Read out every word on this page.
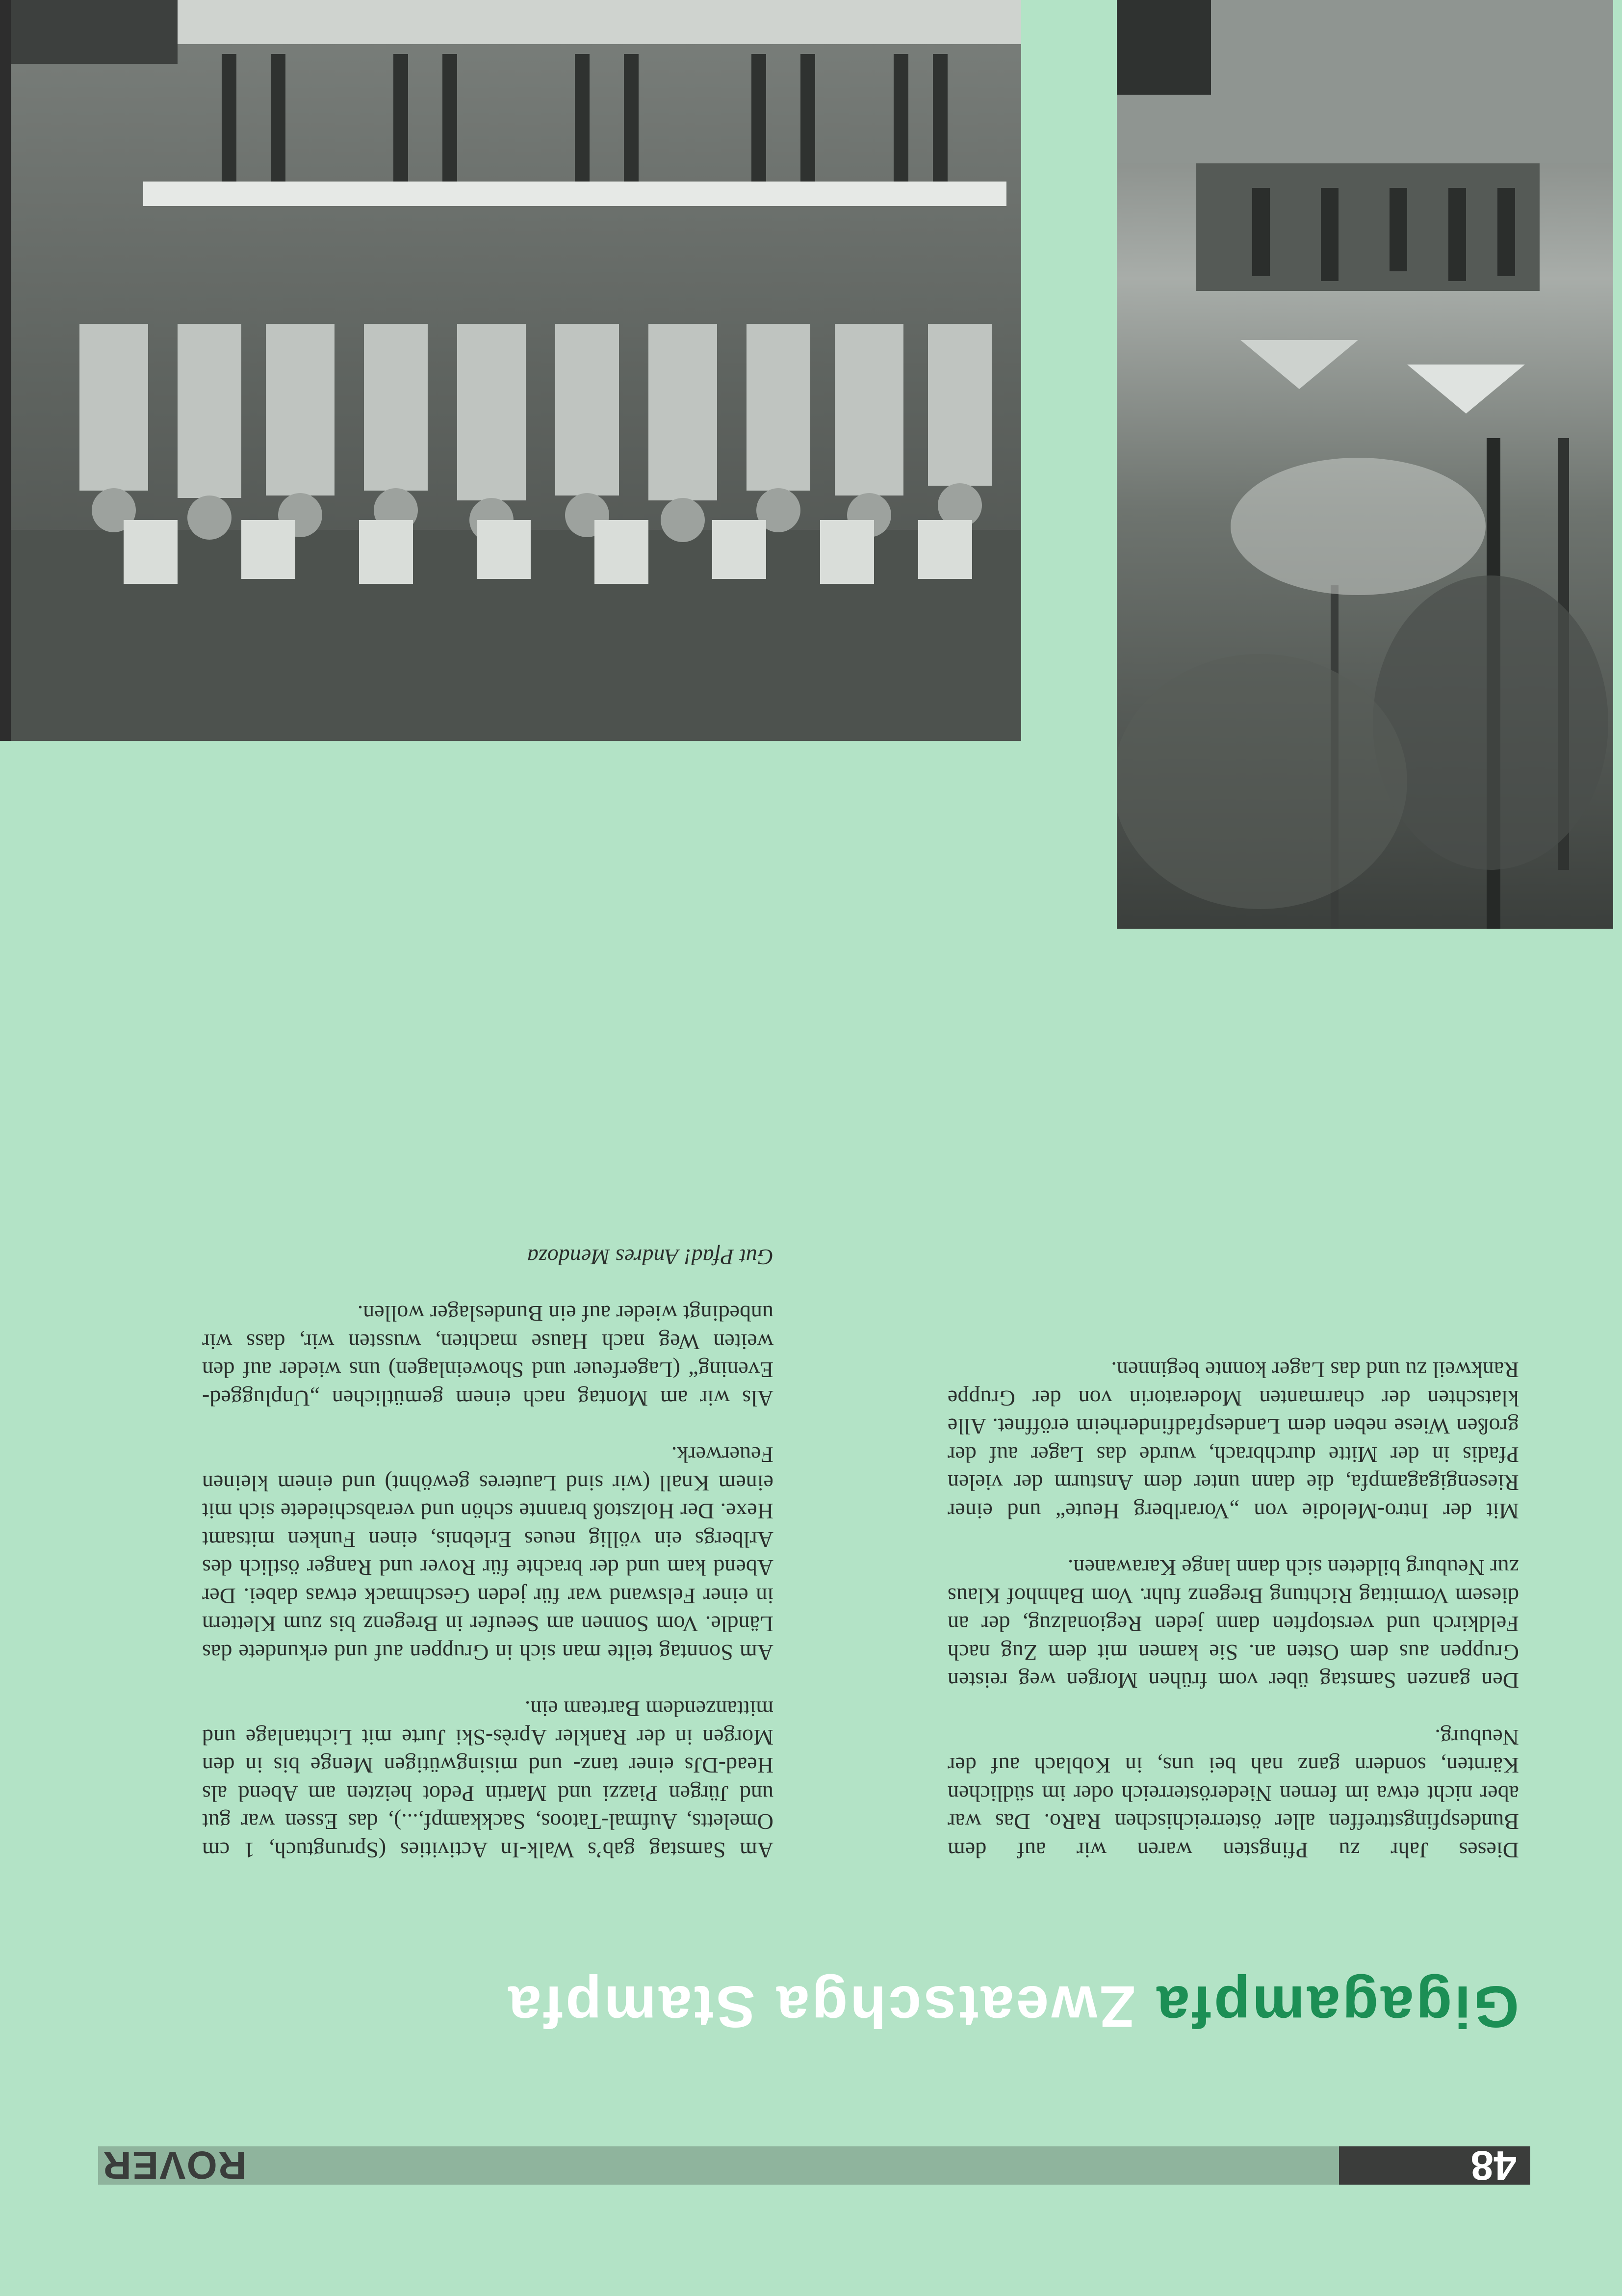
48
ROVER
Gigagampfa Zweatschga Stampfa

Dieses Jahr zu Pfingsten waren wir auf dem Bundespfingsttreffen aller österreichischen RaRo. Das war aber nicht etwa im fernen Niederösterreich oder im südlichen Kärnten, sondern ganz nah bei uns, in Koblach auf der Neuburg.

Den ganzen Samstag über vom frühen Morgen weg reisten Gruppen aus dem Osten an. Sie kamen mit dem Zug nach Feldkirch und verstopften dann jeden Regionalzug, der an diesem Vormittag Richtung Bregenz fuhr. Vom Bahnhof Klaus zur Neuburg bildeten sich dann lange Karawanen.

Mit der Intro-Melodie von „Vorarlberg Heute“ und einer Riesengigagampfa, die dann unter dem Ansturm der vielen Pfadis in der Mitte durchbrach, wurde das Lager auf der großen Wiese neben dem Landespfadfinderheim eröffnet. Alle klatschten der charmanten Moderatorin von der Gruppe Rankweil zu und das Lager konnte beginnen.

Am Samstag gab’s Walk-In Activities (Sprungtuch, 1 cm Omeletts, Aufmal-Tatoos, Sackkampf,...), das Essen war gut und Jürgen Piazzi und Martin Pedot heizten am Abend als Head-DJs einer tanz- und misingwütigen Menge bis in den Morgen in der Rankler Après-Ski Jurte mit Lichtanlage und mittanzendem Barteam ein.

Am Sonntag teilte man sich in Gruppen auf und erkundete das Ländle. Vom Sonnen am Seeufer in Bregenz bis zum Klettern in einer Felswand war für jeden Geschmack etwas dabei. Der Abend kam und der brachte für Rover und Ranger östlich des Arlbergs ein völlig neues Erlebnis, einen Funken mitsamt Hexe. Der Holzstoß brannte schön und verabschiedete sich mit einem Knall (wir sind Lauteres gewöhnt) und einem kleinen Feuerwerk.

Als wir am Montag nach einem gemütlichen „Unplugged-Evening“ (Lagerfeuer und Showeinlagen) uns wieder auf den weiten Weg nach Hause machten, wussten wir, dass wir unbedingt wieder auf ein Bundeslager wollen.

Gut Pfad! Andres Mendoza
